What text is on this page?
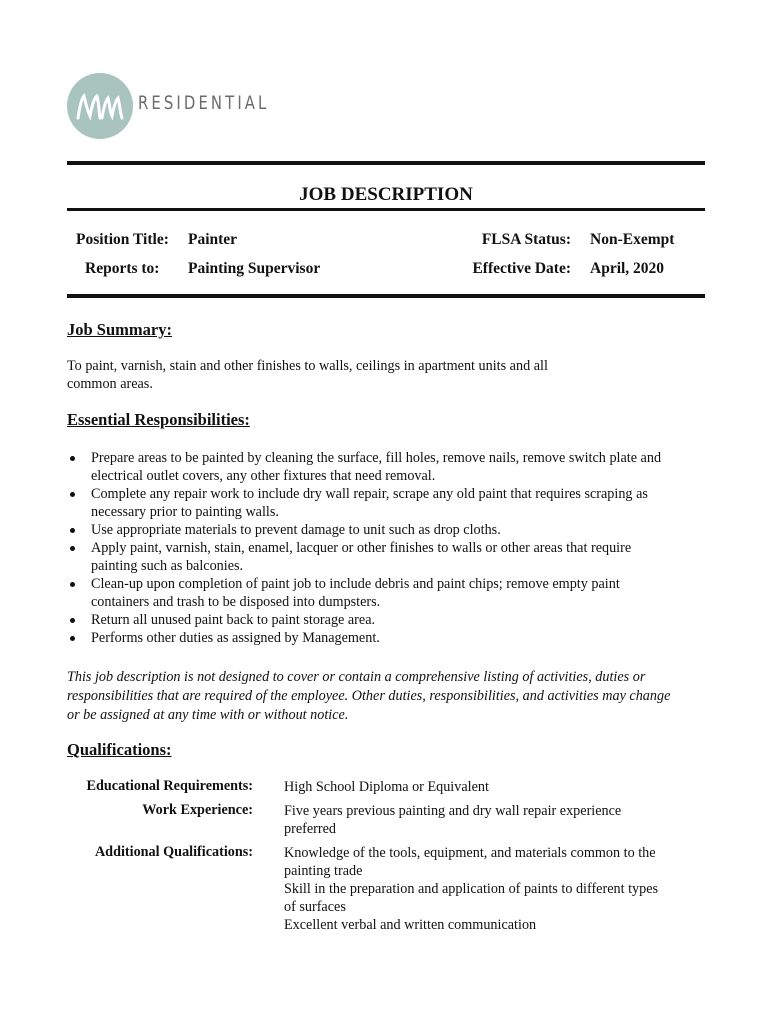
RESIDENTIAL
JOB DESCRIPTION
Position Title: Painter
Reports to: Painting Supervisor
FLSA Status: Non-Exempt
Effective Date: April, 2020
Job Summary:
To paint, varnish, stain and other finishes to walls, ceilings in apartment units and all
common areas.
Essential Responsibilities:
Prepare areas to be painted by cleaning the surface, fill holes, remove nails, remove switch plate and
electrical outlet covers, any other fixtures that need removal.
Complete any repair work to include dry wall repair, scrape any old paint that requires scraping as
necessary prior to painting walls.
Use appropriate materials to prevent damage to unit such as drop cloths.
Apply paint, varnish, stain, enamel, lacquer or other finishes to walls or other areas that require
painting such as balconies.
Clean-up upon completion of paint job to include debris and paint chips; remove empty paint
containers and trash to be disposed into dumpsters.
Return all unused paint back to paint storage area.
Performs other duties as assigned by Management.
This job description is not designed to cover or contain a comprehensive listing of activities, duties or
responsibilities that are required of the employee. Other duties, responsibilities, and activities may change
or be assigned at any time with or without notice.
Qualifications:
Educational Requirements: High School Diploma or Equivalent
Work Experience: Five years previous painting and dry wall repair experience
preferred
Additional Qualifications: Knowledge of the tools, equipment, and materials common to the
painting trade
Skill in the preparation and application of paints to different types
of surfaces
Excellent verbal and written communication
